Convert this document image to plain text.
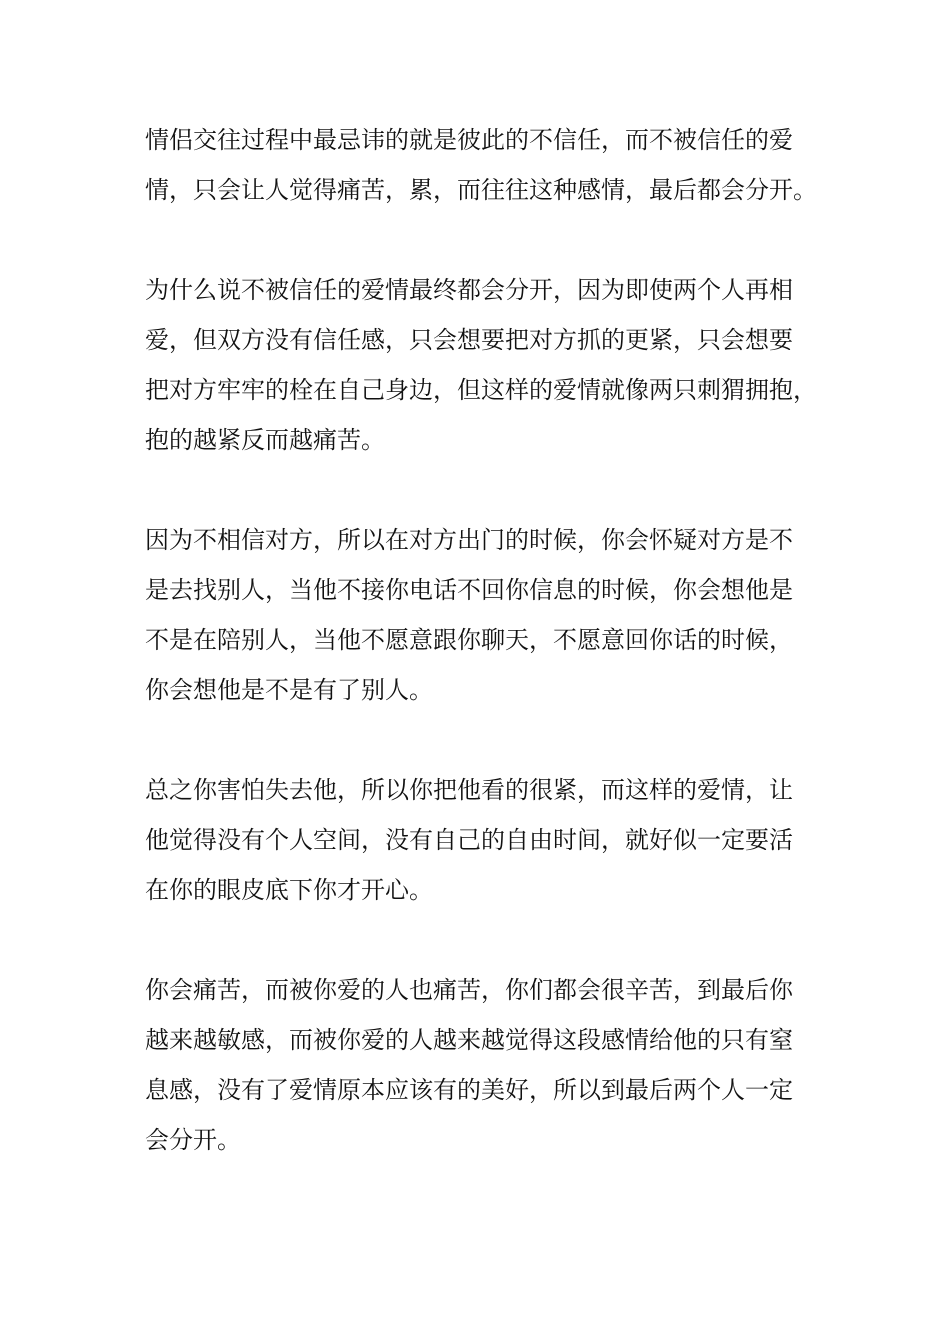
情侣交往过程中最忌讳的就是彼此的不信任，而不被信任的爱
情，只会让人觉得痛苦，累，而往往这种感情，最后都会分开。
为什么说不被信任的爱情最终都会分开，因为即使两个人再相
爱，但双方没有信任感，只会想要把对方抓的更紧，只会想要
把对方牢牢的栓在自己身边，但这样的爱情就像两只刺猬拥抱，
抱的越紧反而越痛苦。
因为不相信对方，所以在对方出门的时候，你会怀疑对方是不
是去找别人，当他不接你电话不回你信息的时候，你会想他是
不是在陪别人，当他不愿意跟你聊天，不愿意回你话的时候，
你会想他是不是有了别人。
总之你害怕失去他，所以你把他看的很紧，而这样的爱情，让
他觉得没有个人空间，没有自己的自由时间，就好似一定要活
在你的眼皮底下你才开心。
你会痛苦，而被你爱的人也痛苦，你们都会很辛苦，到最后你
越来越敏感，而被你爱的人越来越觉得这段感情给他的只有窒
息感，没有了爱情原本应该有的美好，所以到最后两个人一定
会分开。
